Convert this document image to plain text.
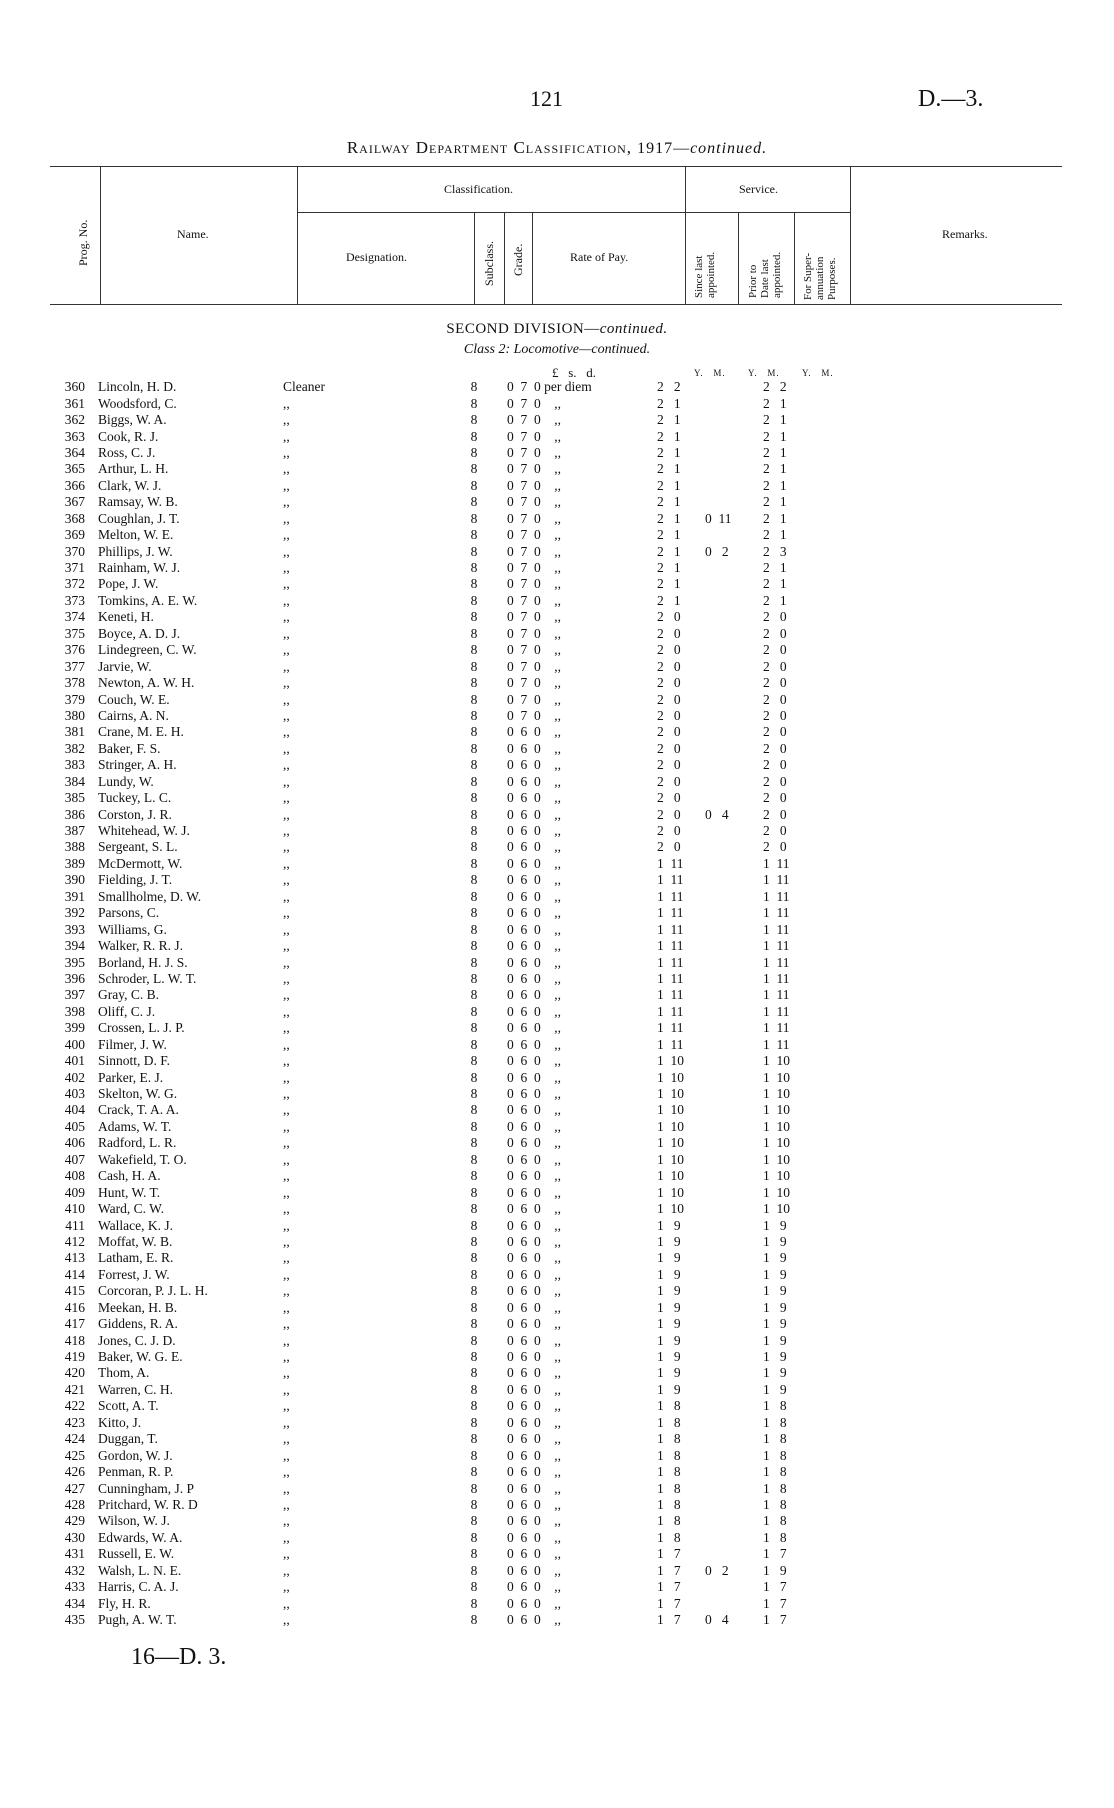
121	D.—3.
Railway Department Classification, 1917—continued.
Prog. No.	Name.
Classification.	Service.
Designation.	Subclass. Grade.	Rate of Pay.	Since last
appointed.	Prior to
Date last
appointed. For Super-
annuation
Purposes.
Remarks.
SECOND DIVISION—continued.
Class 2: Locomotive—continued.
£   s.   d.	Y.   M.       Y.   M.       Y.   M.
360	Lincoln, H. D.	Cleaner	8		0  7  0 per diem	2   2		2   2
361	Woodsford, C.	,,	8		0  7  0    ,,	2   1		2   1
362	Biggs, W. A.	,,	8		0  7  0    ,,	2   1		2   1
363	Cook, R. J.	,,	8		0  7  0    ,,	2   1		2   1
364	Ross, C. J.	,,	8		0  7  0    ,,	2   1		2   1
365	Arthur, L. H.	,,	8		0  7  0    ,,	2   1		2   1
366	Clark, W. J.	,,	8		0  7  0    ,,	2   1		2   1
367	Ramsay, W. B.	,,	8		0  7  0    ,,	2   1		2   1
368	Coughlan, J. T.	,,	8		0  7  0    ,,	2   1	0  11	2   1
369	Melton, W. E.	,,	8		0  7  0    ,,	2   1		2   1
370	Phillips, J. W.	,,	8		0  7  0    ,,	2   1	0   2	2   3
371	Rainham, W. J.	,,	8		0  7  0    ,,	2   1		2   1
372	Pope, J. W.	,,	8		0  7  0    ,,	2   1		2   1
373	Tomkins, A. E. W.	,,	8		0  7  0    ,,	2   1		2   1
374	Keneti, H.	,,	8		0  7  0    ,,	2   0		2   0
375	Boyce, A. D. J.	,,	8		0  7  0    ,,	2   0		2   0
376	Lindegreen, C. W.	,,	8		0  7  0    ,,	2   0		2   0
377	Jarvie, W.	,,	8		0  7  0    ,,	2   0		2   0
378	Newton, A. W. H.	,,	8		0  7  0    ,,	2   0		2   0
379	Couch, W. E.	,,	8		0  7  0    ,,	2   0		2   0
380	Cairns, A. N.	,,	8		0  7  0    ,,	2   0		2   0
381	Crane, M. E. H.	,,	8		0  6  0    ,,	2   0		2   0
382	Baker, F. S.	,,	8		0  6  0    ,,	2   0		2   0
383	Stringer, A. H.	,,	8		0  6  0    ,,	2   0		2   0
384	Lundy, W.	,,	8		0  6  0    ,,	2   0		2   0
385	Tuckey, L. C.	,,	8		0  6  0    ,,	2   0		2   0
386	Corston, J. R.	,,	8		0  6  0    ,,	2   0	0   4	2   0
387	Whitehead, W. J.	,,	8		0  6  0    ,,	2   0		2   0
388	Sergeant, S. L.	,,	8		0  6  0    ,,	2   0		2   0
389	McDermott, W.	,,	8		0  6  0    ,,	1  11		1  11
390	Fielding, J. T.	,,	8		0  6  0    ,,	1  11		1  11
391	Smallholme, D. W.	,,	8		0  6  0    ,,	1  11		1  11
392	Parsons, C.	,,	8		0  6  0    ,,	1  11		1  11
393	Williams, G.	,,	8		0  6  0    ,,	1  11		1  11
394	Walker, R. R. J.	,,	8		0  6  0    ,,	1  11		1  11
395	Borland, H. J. S.	,,	8		0  6  0    ,,	1  11		1  11
396	Schroder, L. W. T.	,,	8		0  6  0    ,,	1  11		1  11
397	Gray, C. B.	,,	8		0  6  0    ,,	1  11		1  11
398	Oliff, C. J.	,,	8		0  6  0    ,,	1  11		1  11
399	Crossen, L. J. P.	,,	8		0  6  0    ,,	1  11		1  11
400	Filmer, J. W.	,,	8		0  6  0    ,,	1  11		1  11
401	Sinnott, D. F.	,,	8		0  6  0    ,,	1  10		1  10
402	Parker, E. J.	,,	8		0  6  0    ,,	1  10		1  10
403	Skelton, W. G.	,,	8		0  6  0    ,,	1  10		1  10
404	Crack, T. A. A.	,,	8		0  6  0    ,,	1  10		1  10
405	Adams, W. T.	,,	8		0  6  0    ,,	1  10		1  10
406	Radford, L. R.	,,	8		0  6  0    ,,	1  10		1  10
407	Wakefield, T. O.	,,	8		0  6  0    ,,	1  10		1  10
408	Cash, H. A.	,,	8		0  6  0    ,,	1  10		1  10
409	Hunt, W. T.	,,	8		0  6  0    ,,	1  10		1  10
410	Ward, C. W.	,,	8		0  6  0    ,,	1  10		1  10
411	Wallace, K. J.	,,	8		0  6  0    ,,	1   9		1   9
412	Moffat, W. B.	,,	8		0  6  0    ,,	1   9		1   9
413	Latham, E. R.	,,	8		0  6  0    ,,	1   9		1   9
414	Forrest, J. W.	,,	8		0  6  0    ,,	1   9		1   9
415	Corcoran, P. J. L. H.	,,	8		0  6  0    ,,	1   9		1   9
416	Meekan, H. B.	,,	8		0  6  0    ,,	1   9		1   9
417	Giddens, R. A.	,,	8		0  6  0    ,,	1   9		1   9
418	Jones, C. J. D.	,,	8		0  6  0    ,,	1   9		1   9
419	Baker, W. G. E.	,,	8		0  6  0    ,,	1   9		1   9
420	Thom, A.	,,	8		0  6  0    ,,	1   9		1   9
421	Warren, C. H.	,,	8		0  6  0    ,,	1   9		1   9
422	Scott, A. T.	,,	8		0  6  0    ,,	1   8		1   8
423	Kitto, J.	,,	8		0  6  0    ,,	1   8		1   8
424	Duggan, T.	,,	8		0  6  0    ,,	1   8		1   8
425	Gordon, W. J.	,,	8		0  6  0    ,,	1   8		1   8
426	Penman, R. P.	,,	8		0  6  0    ,,	1   8		1   8
427	Cunningham, J. P	,,	8		0  6  0    ,,	1   8		1   8
428	Pritchard, W. R. D	,,	8		0  6  0    ,,	1   8		1   8
429	Wilson, W. J.	,,	8		0  6  0    ,,	1   8		1   8
430	Edwards, W. A.	,,	8		0  6  0    ,,	1   8		1   8
431	Russell, E. W.	,,	8		0  6  0    ,,	1   7		1   7
432	Walsh, L. N. E.	,,	8		0  6  0    ,,	1   7	0   2	1   9
433	Harris, C. A. J.	,,	8		0  6  0    ,,	1   7		1   7
434	Fly, H. R.	,,	8		0  6  0    ,,	1   7		1   7
435	Pugh, A. W. T.	,,	8		0  6  0    ,,	1   7	0   4	1   7
16—D. 3.
